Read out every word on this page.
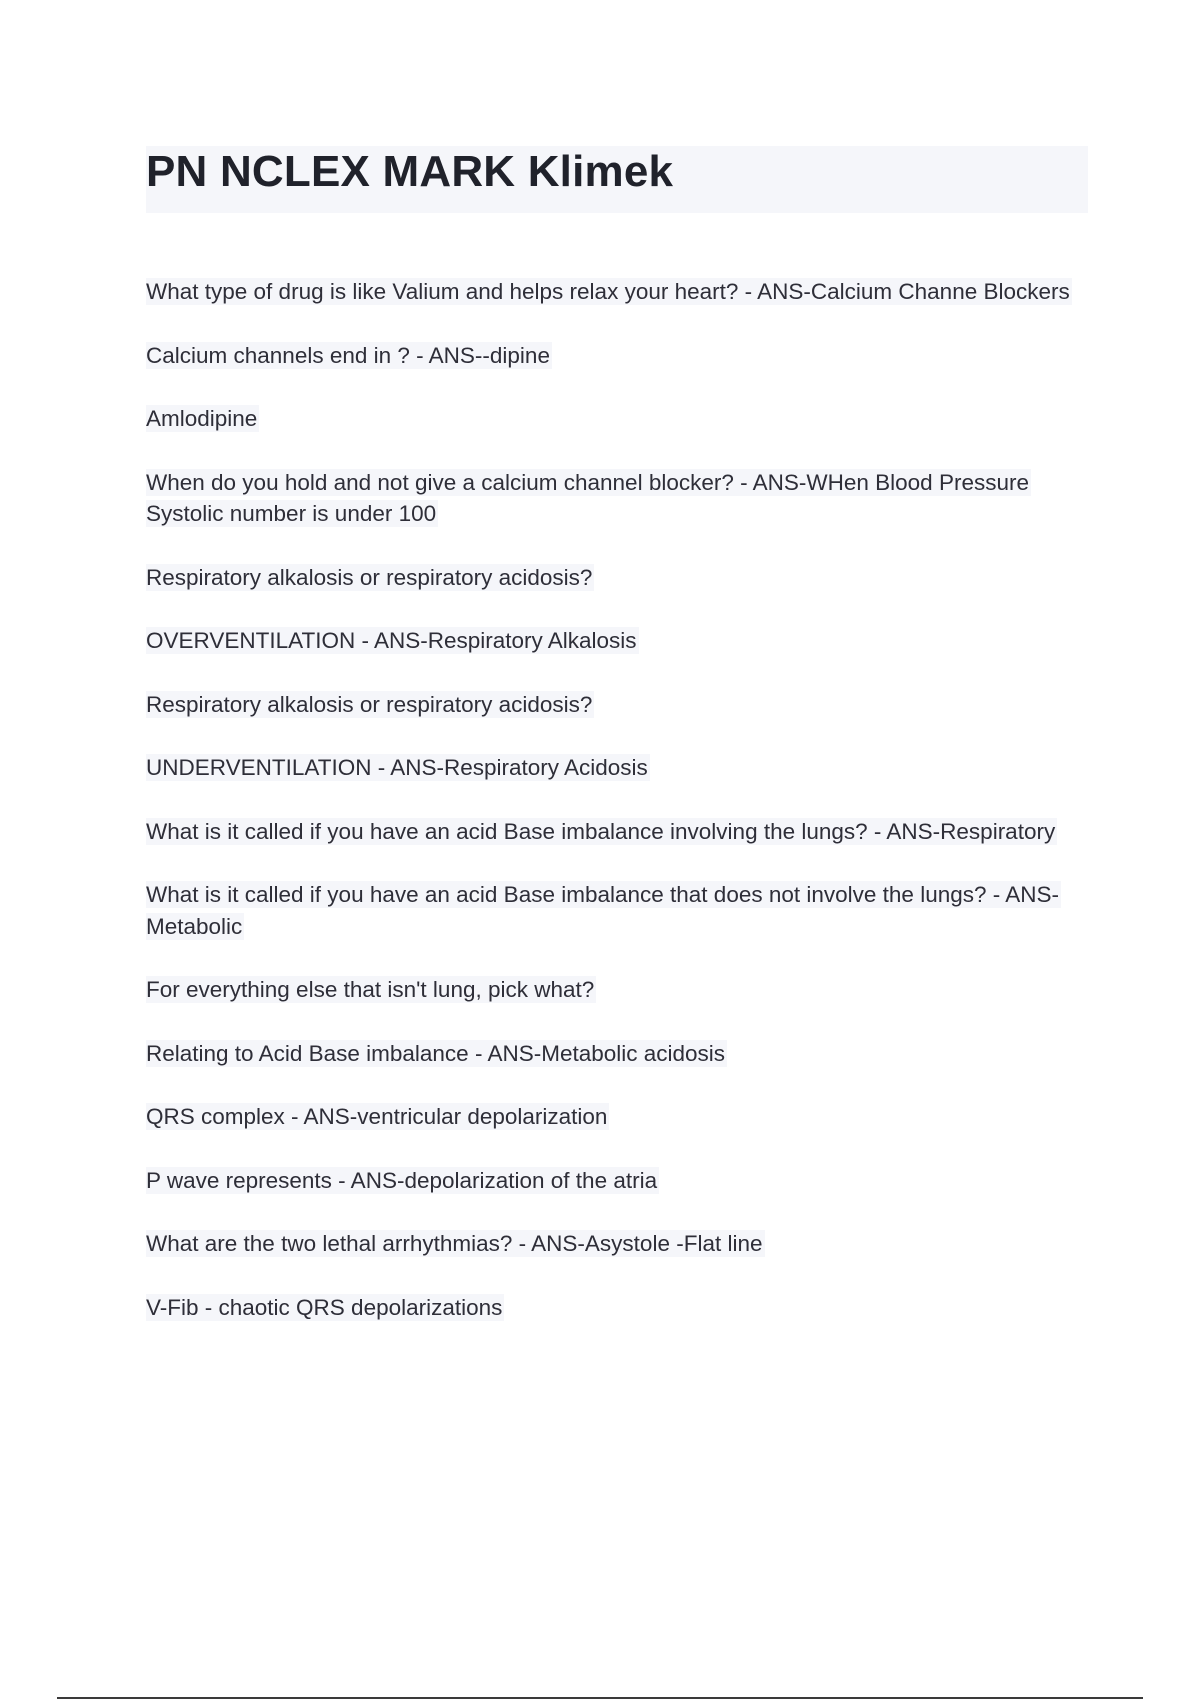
PN NCLEX MARK Klimek

What type of drug is like Valium and helps relax your heart? - ANS-Calcium Channe Blockers

Calcium channels end in ? - ANS--dipine

Amlodipine

When do you hold and not give a calcium channel blocker? - ANS-WHen Blood Pressure Systolic number is under 100

Respiratory alkalosis or respiratory acidosis?

OVERVENTILATION - ANS-Respiratory Alkalosis

Respiratory alkalosis or respiratory acidosis?

UNDERVENTILATION - ANS-Respiratory Acidosis

What is it called if you have an acid Base imbalance involving the lungs? - ANS-Respiratory

What is it called if you have an acid Base imbalance that does not involve the lungs? - ANS-Metabolic

For everything else that isn't lung, pick what?

Relating to Acid Base imbalance - ANS-Metabolic acidosis

QRS complex - ANS-ventricular depolarization

P wave represents - ANS-depolarization of the atria

What are the two lethal arrhythmias? - ANS-Asystole -Flat line

V-Fib - chaotic QRS depolarizations
